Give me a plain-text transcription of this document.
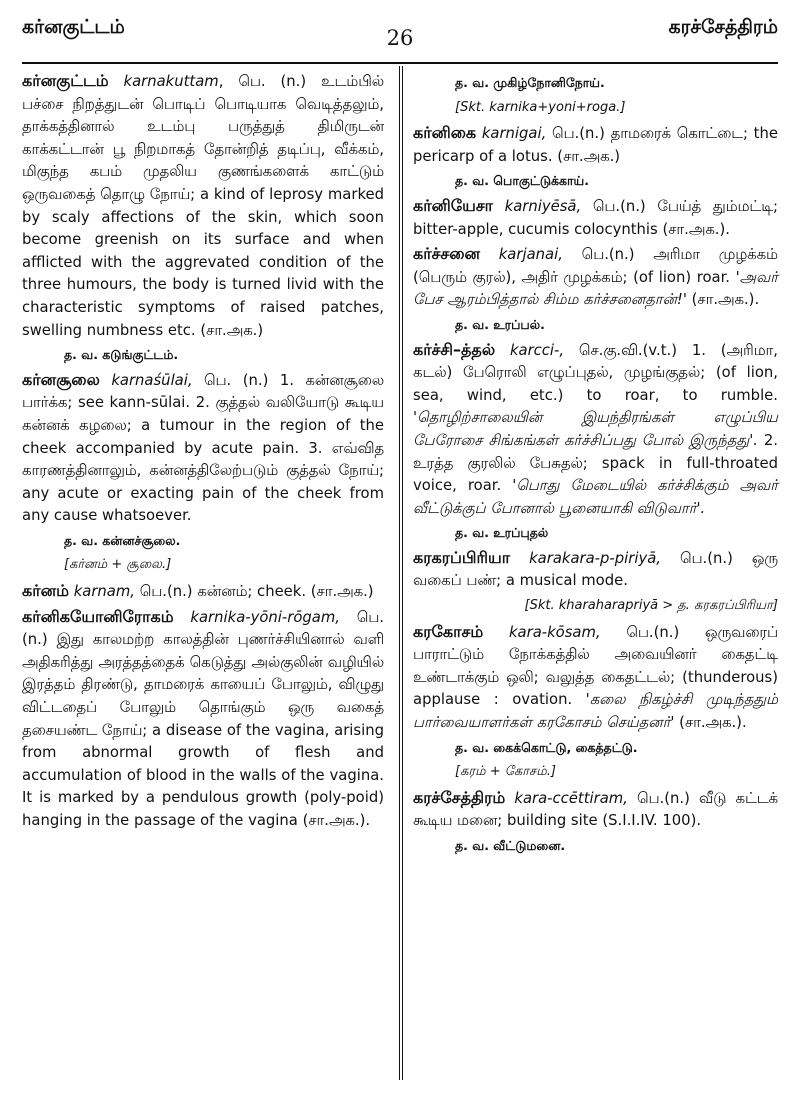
கர்னகுட்டம்	26	கரச்சேத்திரம்
கர்னகுட்டம் karnakuttam, பெ. (n.) உடம்பில் பச்சை நிறத்துடன் பொடிப் பொடியாக வெடித்தலும், தாக்கத்தினால் உடம்பு பருத்துத் திமிருடன் காக்கட்டான் பூ நிறமாகத் தோன்றித் தடிப்பு, வீக்கம், மிகுந்த கபம் முதலிய குணங்களைக் காட்டும் ஒருவகைத் தொழு நோய்; a kind of leprosy marked by scaly affections of the skin, which soon become greenish on its surface and when afflicted with the aggrevated condition of the three humours, the body is turned livid with the characteristic symptoms of raised patches, swelling numbness etc. (சா.அக.)
த. வ. கடுங்குட்டம்.
கர்னசூலை karnaśūlai, பெ. (n.) 1. கன்னசூலை பார்க்க; see kann-sūlai. 2. குத்தல் வலியோடு கூடிய கன்னக் கழலை; a tumour in the region of the cheek accompanied by acute pain. 3. எவ்வித காரணத்தினாலும், கன்னத்திலேற்படும் குத்தல் நோய்; any acute or exacting pain of the cheek from any cause whatsoever.
த. வ. கன்னச்சூலை.
[கர்னம் + சூலை.]
கர்னம் karnam, பெ.(n.) கன்னம்; cheek. (சா.அக.)
கர்னிகயோனிரோகம் karnika-yōni-rōgam, பெ.(n.) இது காலமற்ற காலத்தின் புணர்ச்சியினால் வளி அதிகரித்து அரத்தத்தைக் கெடுத்து அல்குலின் வழியில் இரத்தம் திரண்டு, தாமரைக் காயைப் போலும், விழுது விட்டதைப் போலும் தொங்கும் ஒரு வகைத் தசையண்ட நோய்; a disease of the vagina, arising from abnormal growth of flesh and accumulation of blood in the walls of the vagina. It is marked by a pendulous growth (poly-poid) hanging in the passage of the vagina (சா.அக.).
த. வ. முகிழ்நோனிநோய்.
[Skt. karnika+yoni+roga.]
கர்னிகை karnigai, பெ.(n.) தாமரைக் கொட்டை; the pericarp of a lotus. (சா.அக.)
த. வ. பொகுட்டுக்காய்.
கர்னியேசா karniyēsā, பெ.(n.) பேய்த் தும்மட்டி; bitter-apple, cucumis colocynthis (சா.அக.).
கர்ச்சனை karjanai, பெ.(n.) அரிமா முழக்கம் (பெரும் குரல்), அதிர் முழக்கம்; (of lion) roar. 'அவர் பேச ஆரம்பித்தால் சிம்ம கர்ச்சனைதான்!' (சா.அக.).
த. வ. உரப்பல்.
கர்ச்சி–த்தல் karcci-, செ.கு.வி.(v.t.) 1. (அரிமா, கடல்) பேரொலி எழுப்புதல், முழங்குதல்; (of lion, sea, wind, etc.) to roar, to rumble. 'தொழிற்சாலையின் இயந்திரங்கள் எழுப்பிய பேரோசை சிங்கங்கள் கர்ச்சிப்பது போல் இருந்தது'. 2. உரத்த குரலில் பேசுதல்; spack in full-throated voice, roar. 'பொது மேடையில் கர்ச்சிக்கும் அவர் வீட்டுக்குப் போனால் பூனையாகி விடுவார்'.
த. வ. உரப்புதல்
கரகரப்பிரியா karakara-p-piriyā, பெ.(n.) ஒரு வகைப் பண்; a musical mode.
[Skt. kharaharapriyā > த. கரகரப்பிரியா]
கரகோசம் kara-kōsam, பெ.(n.) ஒருவரைப் பாராட்டும் நோக்கத்தில் அவையினர் கைதட்டி உண்டாக்கும் ஒலி; வலுத்த கைதட்டல்; (thunderous) applause : ovation. 'கலை நிகழ்ச்சி முடிந்ததும் பார்வையாளர்கள் கரகோசம் செய்தனர்' (சா.அக.).
த. வ. கைக்கொட்டு, கைத்தட்டு.
[கரம் + கோசம்.]
கரச்சேத்திரம் kara-ccēttiram, பெ.(n.) வீடு கட்டக் கூடிய மனை; building site (S.I.I.IV. 100).
த. வ. வீட்டுமனை.
